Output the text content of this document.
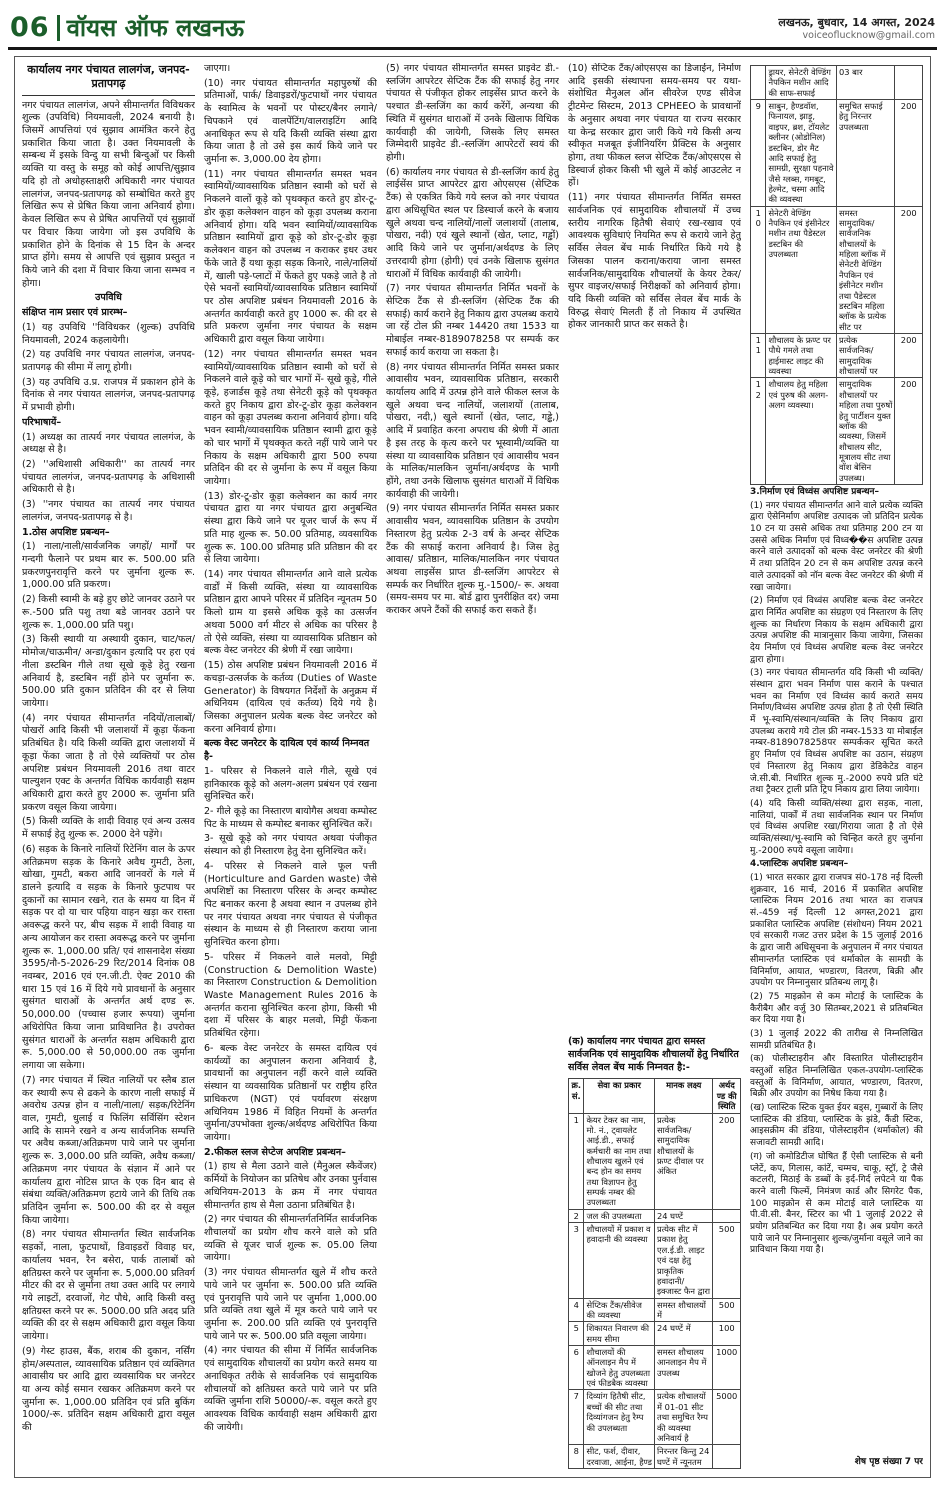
06 वॉयस ऑफ लखनऊ	लखनऊ, बुधवार, 14 अगस्त, 2024
voiceoflucknow@gmail.com

कार्यालय नगर पंचायत लालगंज, जनपद-प्रतापगढ़

नगर पंचायत लालगंज, अपने सीमान्तर्गत विविधकर शुल्क (उपविधि) नियमावली, 2024 बनायी है। जिसमें आपत्तियां एवं सुझाव आमंत्रित करने हेतु प्रकाशित किया जाता है। उक्त नियमावली के सम्बन्ध में इसके विन्दु या सभी बिन्दुओं पर किसी व्यक्ति या वस्तु के समूह को कोई आपत्ति/सुझाव यदि हो तो अधोहस्ताक्षरी अधिकारी नगर पंचायत लालगंज, जनपद-प्रतापगढ़ को सम्बोधित करते हुए लिखित रूप से प्रेषित किया जाना अनिवार्य होगा। केवल लिखित रूप से प्रेषित आपत्तियों एवं सुझावों पर विचार किया जायेगा जो इस उपविधि के प्रकाशित होने के दिनांक से 15 दिन के अन्दर प्राप्त होंगे। समय से आपत्ति एवं सुझाव प्रस्तुत न किये जाने की दशा में विचार किया जाना सम्भव न होगा।

उपविधि

संक्षिप्त नाम प्रसार एवं प्रारम्भ–

(1) यह उपविधि ''विविधकर (शुल्क) उपविधि नियमावली, 2024 कहलायेगी।

(2) यह उपविधि नगर पंचायत लालगंज, जनपद-प्रतापगढ़ की सीमा में लागू होगी।

(3) यह उपविधि उ.प्र. राजपत्र में प्रकाशन होने के दिनांक से नगर पंचायत लालगंज, जनपद-प्रतापगढ़ में प्रभावी होगी।

परिभाषायें–

(1) अध्यक्ष का तात्पर्य नगर पंचायत लालगंज, के अध्यक्ष से है।

(2) ''अधिशासी अधिकारी'' का तात्पर्य नगर पंचायत लालगंज, जनपद-प्रतापगढ़ के अधिशासी अधिकारी से है।

(3) ''नगर पंचायत का तात्पर्य नगर पंचायत लालगंज, जनपद-प्रतापगढ़ से है।

1.ठोस अपशिष्ट प्रबन्धन–

(1) नाला/नाली/सार्वजनिक जगहों/ मार्गों पर गन्दगी फैलाने पर प्रथम बार रू. 500.00 प्रति प्रकरणपुनरावृत्ति करने पर जुर्माना शुल्क रू. 1,000.00 प्रति प्रकरण।

(2) किसी स्वामी के बड़े हुए छोटे जानवर उठाने पर रू.-500 प्रति पशु तथा बडे जानवर उठाने पर शुल्क रू. 1,000.00 प्रति पशु।

(3) किसी स्थायी या अस्थायी दुकान, चाट/फल/मोमोज/चाऊमीन/ अन्डा/दुकान इत्यादि पर हरा एवं नीला डस्टबिन गीले तथा सूखे कूड़े हेतु रखना अनिवार्य है, डस्टबिन नहीं होने पर जुर्माना रू. 500.00 प्रति दुकान प्रतिदिन की दर से लिया जायेगा।

(4) नगर पंचायत सीमान्तर्गत नदियों/तालाबों/पोखरों आदि किसी भी जलाशयों में कूड़ा फेंकना प्रतिबंधित है। यदि किसी व्यक्ति द्वारा जलाशयों में कूड़ा फेंका जाता है तो ऐसे व्यक्तियों पर ठोस अपशिष्ट प्रबंधन नियमावली 2016 तथा वाटर पाल्युशन एक्ट के अन्तर्गत विधिक कार्यवाही सक्षम अधिकारी द्वारा करते हुए 2000 रू. जुर्माना प्रति प्रकरण वसूल किया जायेगा।

(5) किसी व्यक्ति के शादी विवाह एवं अन्य उत्सव में सफाई हेतु शुल्क रू. 2000 देने पड़ेंगे।

(6) सड़क के किनारे नालियों रिटेनिंग वाल के ऊपर अतिक्रमण सड़क के किनारे अवैध गुमटी, ठेला, खोखा, गुमटी, बकरा आदि जानवरों के गले में डालने इत्यादि व सड़क के किनारे फुटपाथ पर दुकानों का सामान रखने, रात के समय या दिन में सड़क पर दो या चार पहिया वाहन खड़ा कर रास्ता अवरूद्ध करने पर, बीच सड़क में शादी विवाह या अन्य आयोजन कर रास्ता अवरूद्ध करने पर जुर्माना शुल्क रू. 1,000.00 प्रति/ एवं शासनादेश संख्या 3595/नौ-5-2026-29 रिट/2014 दिनांक 08 नवम्बर, 2016 एवं एन.जी.टी. ऐक्ट 2010 की धारा 15 एवं 16 में दिये गये प्रावधानों के अनुसार सुसंगत धाराओं के अन्तर्गत अर्थ दण्ड रू. 50,000.00 (पच्चास हजार रूपया) जुर्माना अधिरोपित किया जाना प्राविधानित है। उपरोक्त सुसंगत धाराओं के अन्तर्गत सक्षम अधिकारी द्वारा रू. 5,000.00 से 50,000.00 तक जुर्माना लगाया जा सकेगा।

(7) नगर पंचायत में स्थित नालियों पर स्लैब डाल कर स्थायी रूप से ढकने के कारण नाली सफाई में अवरोध उत्पन्न होन व नाली/नाला/ सड़क/रिटेनिंग वाल, गुमटी, धुलाई व फिलिंग सर्विसिंग स्टेशन आदि के सामने रखने व अन्य सार्वजनिक सम्पत्ति पर अवैध कब्जा/अतिक्रमण पाये जाने पर जुर्माना शुल्क रू. 3,000.00 प्रति व्यक्ति, अवैध कब्जा/अतिक्रमण नगर पंचायत के संज्ञान में आने पर कार्यालय द्वारा नोटिस प्राप्त के एक दिन बाद से संबंधा व्यक्ति/अतिक्रमण हटाये जाने की तिथि तक प्रतिदिन जुर्माना रू. 500.00 की दर से वसूल किया जायेगा।

(8) नगर पंचायत सीमान्तर्गत स्थित सार्वजनिक सड़कों, नाला, फुटपाथों, डिवाइडरों विवाह घर, कार्यालय भवन, रैन बसेरा, पार्क तालाबों को क्षतिग्रस्त करने पर जुर्माना रू. 5,000.00 प्रतिवर्ग मीटर की दर से जुर्माना तथा उक्त आदि पर लगाये गये लाइटों, दरवाजों, गेट पौधे, आदि किसी वस्तु क्षतिग्रस्त करने पर रू. 5000.00 प्रति अदद प्रति व्यक्ति की दर से सक्षम अधिकारी द्वारा वसूल किया जायेगा।

(9) गेस्ट हाउस, बैंक, शराब की दुकान, नर्सिंग होम/अस्पताल, व्यावसायिक प्रतिष्ठान एवं व्यक्तिगत आवासीय घर आदि द्वारा व्यवसायिक घर जनरेटर या अन्य कोई समान रखकर अतिक्रमण करने पर जुर्माना रू. 1,000.00 प्रतिदिन एवं प्रति बुकिंग 1000/-रू. प्रतिदिन सक्षम अधिकारी द्वारा वसूल की

जाएगा।

(10) नगर पंचायत सीमान्तर्गत महापुरुषों की प्रतिमाओं, पार्क/ डिवाइडरों/फुटपाथों नगर पंचायत के स्वामित्व के भवनों पर पोस्टर/बैनर लगाने/चिपकाने एवं वालपेंटिंग/वालराइटिंग आदि अनाधिकृत रूप से यदि किसी व्यक्ति संस्था द्वारा किया जाता है तो उसे इस कार्य किये जाने पर जुर्माना रू. 3,000.00 देय होगा।

(11) नगर पंचायत सीमान्तर्गत समस्त भवन स्वामियों/व्यावसायिक प्रतिष्ठान स्वामी को घरों से निकलने वालों कूड़े को पृथक्कृत करते हुए डोर-टू-डोर कूड़ा कलेक्शन वाहन को कूड़ा उपलब्ध कराना अनिवार्य होगा। यदि भवन स्वामियों/व्यावसायिक प्रतिष्ठान स्वामियों द्वारा कूड़े को डोर-टू-डोर कूड़ा कलेक्शन वाहन को उपलब्ध न कराकर इधर उधर फेंके जाते हैं यथा कूड़ा सड़क किनारे, नाले/नालियों में, खाली पड़े-प्लाटों में फेंकते हुए पकड़े जाते है तो ऐसे भवनों स्वामियों/व्यावसायिक प्रतिष्ठान स्वामियों पर ठोस अपशिष्ट प्रबंधन नियमावली 2016 के अन्तर्गत कार्यवाही करते हुए 1000 रू. की दर से प्रति प्रकरण जुर्माना नगर पंचायत के सक्षम अधिकारी द्वारा वसूल किया जायेगा।

(12) नगर पंचायत सीमान्तर्गत समस्त भवन स्वामियों/व्यावसायिक प्रतिष्ठान स्वामी को घरों से निकलने वाले कूड़े को चार भागों में- सूखे कूड़े, गीले कूड़े, हजार्डस कूड़े तथा सेनेटरी कूड़े को पृथक्कृत करते हुए निकाय द्वारा डोर-टू-डोर कूड़ा कलेक्शन वाहन को कूड़ा उपलब्ध कराना अनिवार्य होगा। यदि भवन स्वामी/व्यावसायिक प्रतिष्ठान स्वामी द्वारा कूड़े को चार भागों में पृथक्कृत करते नहीं पाये जाने पर निकाय के सक्षम अधिकारी द्वारा 500 रुपया प्रतिदिन की दर से जुर्माना के रूप में वसूल किया जायेगा।

(13) डोर-टू-डोर कूड़ा कलेक्शन का कार्य नगर पंचायत द्वारा या नगर पंचायत द्वारा अनुबन्धित संस्था द्वारा किये जाने पर यूजर चार्ज के रूप में प्रति माह शुल्क रू. 50.00 प्रतिमाह, व्यवसायिक शुल्क रू. 100.00 प्रतिमाह प्रति प्रतिष्ठान की दर से लिया जायेगा।

(14) नगर पंचायत सीमान्तर्गत आने वाले प्रत्येक वार्डों में किसी व्यक्ति, संस्था या व्यावसायिक प्रतिष्ठान द्वारा आपने परिसर में प्रतिदिन न्यूनतम 50 किलो ग्राम या इससे अधिक कूड़े का उत्सर्जन अथवा 5000 वर्ग मीटर से अधिक का परिसर है तो ऐसे व्यक्ति, संस्था या व्यावसायिक प्रतिष्ठान को बल्क वेस्ट जनरेटर की श्रेणी में रखा जायेगा।

(15) ठोस अपशिष्ट प्रबंधन नियमावली 2016 में कचड़ा-उत्सर्जक के कर्तव्य (Duties of Waste Generator) के विषयगत निर्देशों के अनुक्रम में अधिनियम (दायित्व एवं कर्तव्य) दिये गये है। जिसका अनुपालन प्रत्येक बल्क वेस्ट जनरेटर को करना अनिवार्य होगा।

बल्क वेस्ट जनरेटर के दायित्व एवं कार्य्य निम्नवत है-

1- परिसर से निकलने वाले गीले, सूखे एवं हानिकारक कूड़े को अलग-अलग प्रबंधन एवं रखना सुनिश्चित करें।

2- गीले कूड़े का निस्तारण बायोगैस अथवा कम्पोस्ट पिट के माध्यम से कम्पोस्ट बनाकर सुनिश्चित करें।

3- सूखे कूड़े को नगर पंचायत अथवा पंजीकृत संस्थान को ही निस्तारण हेतु देना सुनिश्चित करें।

4- परिसर से निकलने वाले फूल पत्ती (Horticulture and Garden waste) जैसे अपशिष्टों का निस्तारण परिसर के अन्दर कम्पोस्ट पिट बनाकर करना है अथवा स्थान न उपलब्ध होने पर नगर पंचायत अथवा नगर पंचायत से पंजीकृत संस्थान के माध्यम से ही निस्तारण कराया जाना सुनिश्चित करना होगा।

5- परिसर में निकलने वाले मलवो, मिट्टी (Construction & Demolition Waste) का निस्तारण Construction & Demolition Waste Management Rules 2016 के अन्तर्गत कराना सुनिश्चित करना होगा, किसी भी दशा में परिसर के बाहर मलवो, मिट्टी फेंकना प्रतिबंधित रहेगा।

6- बल्क वेस्ट जनरेटर के समस्त दायित्व एवं कार्यव्यों का अनुपालन कराना अनिवार्य है, प्रावधानों का अनुपालन नहीं करने वाले व्यक्ति संस्थान या व्यवसायिक प्रतिष्ठानों पर राष्ट्रीय हरित प्राधिकरण (NGT) एवं पर्यावरण संरक्षण अधिनियम 1986 में विहित नियमों के अन्तर्गत जुर्माना/उपभोक्ता शुल्क/अर्थदण्ड अधिरोपित किया जायेगा।

2.फीकल स्लज सेप्टेज अपशिष्ट प्रबन्धन–

(1) हाथ से मैला उठाने वाले (मैनुअल स्कैवेंजर) कर्मियों के नियोजन का प्रतिषेध और उनका पुर्नवास अधिनियम-2013 के क्रम में नगर पंचायत सीमान्तर्गत हाथ से मैला उठाना प्रतिबंधित है।

(2) नगर पंचायत की सीमान्तर्गतनिर्मित सार्वजनिक शौचालयों का प्रयोग शौच करने वाले को प्रति व्यक्ति से यूजर चार्ज शुल्क रू. 05.00 लिया जायेगा।

(3) नगर पंचायत सीमान्तर्गत खुले में शौच करते पाये जाने पर जुर्माना रू. 500.00 प्रति व्यक्ति एवं पुनरावृत्ति पाये जाने पर जुर्माना 1,000.00 प्रति व्यक्ति तथा खुले में मूत्र करते पाये जाने पर जुर्माना रू. 200.00 प्रति व्यक्ति एवं पुनरावृत्ति पाये जाने पर रू. 500.00 प्रति वसूला जायेगा।

(4) नगर पंचायत की सीमा में निर्मित सार्वजनिक एवं सामुदायिक शौचालयों का प्रयोग करते समय या अनाधिकृत तरीके से सार्वजनिक एवं सामुदायिक शौचालयों को क्षतिग्रस्त करते पाये जाने पर प्रति व्यक्ति जुर्माना राशि 50000/-रू. वसूल करते हुए आवश्यक विधिक कार्यवाही सक्षम अधिकारी द्वारा की जायेगी।

(5) नगर पंचायत सीमान्तर्गत समस्त प्राइवेट डी.-स्लजिंग आपरेटर सेप्टिक टैंक की सफाई हेतु नगर पंचायत से पंजीकृत होकर लाइसेंस प्राप्त करने के पश्चात डी-स्लजिंग का कार्य करेंगें, अन्यथा की स्थिति में सुसंगत धाराओं में उनके खिलाफ विधिक कार्यवाही की जायेगी, जिसके लिए समस्त जिम्मेदारी प्राइवेट डी.-स्लजिंग आपरेटरों स्वयं की होगी।

(6) कार्यालय नगर पंचायत से डी-स्लजिंग कार्य हेतु लाईसेंस प्राप्त आपरेटर द्वारा ओएसएस (सेप्टिक टैंक) से एकत्रित किये गये स्लज को नगर पंचायत द्वारा अधिसूचित स्थल पर डिस्चार्ज करने के बजाय खुले अथवा चन्द नालियों/नालों जलाशयों (तालाब, पोखरा, नदी) एवं खुले स्थानों (खेत, प्लाट, गड्ढों) आदि किये जाने पर जुर्माना/अर्थदण्ड के लिए उत्तरदायी होगा (होगी) एवं उनके खिलाफ सुसंगत धाराओं में विधिक कार्यवाही की जायेगी।

(7) नगर पंचायत सीमान्तर्गत निर्मित भवनों के सेप्टिक टैंक से डी-स्लजिंग (सेप्टिक टैंक की सफाई) कार्य कराने हेतु निकाय द्वारा उपलब्ध कराये जा रहें टोल फ्री नम्बर 14420 तथा 1533 या मोबाईल नम्बर-8189078258 पर सम्पर्क कर सफाई कार्य कराया जा सकता है।

(8) नगर पंचायत सीमान्तर्गत निर्मित समस्त प्रकार आवासीय भवन, व्यावसायिक प्रतिष्ठान, सरकारी कार्यालय आदि में उत्पन्न होने वाले फीकल स्लज के खुले अथवा चन्द नालियों, जलाशयों (तालाब, पोखरा, नदी,) खुले स्थानों (खेत, प्लाट, गड्ढे,) आदि में प्रवाहित करना अपराध की श्रेणी में आता है इस तरह के कृत्य करने पर भूस्वामी/व्यक्ति या संस्था या व्यावसायिक प्रतिष्ठान एवं आवासीय भवन के मालिक/मालकिन जुर्माना/अर्थदण्ड के भागी होंगे, तथा उनके खिलाफ सुसंगत धाराओं में विधिक कार्यवाही की जायेगी।

(9) नगर पंचायत सीमान्तर्गत निर्मित समस्त प्रकार आवासीय भवन, व्यावसायिक प्रतिष्ठान के उपयोग निस्तारण हेतु प्रत्येक 2-3 वर्ष के अन्दर सेप्टिक टैंक की सफाई कराना अनिवार्य है। जिस हेतु आवास/ प्रतिष्ठान, मालिक/मालकिन नगर पंचायत अथवा लाइसेंस प्राप्त डी-स्लजिंग आपरेटर से सम्पर्क कर निर्धारित शुल्क मु.-1500/- रू. अथवा (समय-समय पर मा. बोर्ड द्वारा पुनरीक्षित दर) जमा कराकर अपने टैंकों की सफाई करा सकते हैं।

(10) सेप्टिक टैंक/ओएसएस का डिजाईन, निर्माण आदि इसकी संस्थापना समय-समय पर यथा-संशोधित मैनुअल ऑन सीवरेज एण्ड सीवेज ट्रीटमेन्ट सिस्टम, 2013 CPHEEO के प्रावधानों के अनुसार अथवा नगर पंचायत या राज्य सरकार या केन्द्र सरकार द्वारा जारी किये गये किसी अन्य स्वीकृत मजबूत इंजीनियरिंग प्रैक्टिस के अनुसार होगा, तथा फीकल स्लज सेप्टिक टैंक/ओएसएस से डिस्चार्ज होकर किसी भी खुले में कोई आउटलेट न हों।

(11) नगर पंचायत सीमान्तर्गत निर्मित समस्त सार्वजनिक एवं सामुदायिक शौचालयों में उच्च स्तरीय नागरिक हितैषी सेवाएं रख-रखाव एवं आवश्यक सुविधाएं नियमित रूप से कराये जाने हेतु सर्विस लेवल बेंच मार्क निर्धारित किये गये है जिसका पालन कराना/कराया जाना समस्त सार्वजनिक/सामुदायिक शौचालयों के केयर टेकर/सुपर वाइजर/सफाई निरीक्षकों को अनिवार्य होगा। यदि किसी व्यक्ति को सर्विस लेवल बेंच मार्क के विरुद्ध सेवाएं मिलती हैं तो निकाय में उपस्थित होकर जानकारी प्राप्त कर सकते है।

(क) कार्यालय नगर पंचायत द्वारा समस्त सार्वजनिक एवं सामुदायिक शौचालयों हेतु निर्धारित सर्विस लेवल बेंच मार्क निम्नवत है:-

क्र. सं.	सेवा का प्रकार	मानक लक्ष्य	अर्थदण्ड की स्थिति
1	केयर टेकर का नाम, मो. नं., ट्वायलेट आई.डी., सफाई कर्मचारी का नाम तथा शौचालय खुलने एवं बन्द होन का समय तथा विज्ञापन हेतु सम्पर्क नम्बर की उपलब्धता	प्रत्येक सार्वजनिक/ सामुदायिक शौचालयों के फ्रण्ट दीवाल पर अंकित	200
2	जल की उपलब्धता	24 घण्टें	
3	शौचालयों में प्रकाश व हवादानी की व्यवस्था	प्रत्येक सीट में प्रकाश हेतु एल.ई.डी. लाइट एवं दक्ष हेतु प्राकृतिक हवादानी/ इक्जास्ट फैन द्वारा	500
4	सेप्टिक टैंक/सीवेज की व्यवस्था	समस्त शौचालयों में	500
5	शिकायत निवारण की समय सीमा	24 घण्टें में	100
6	शौचालयों की ऑनलाइन मैप में खोजने हेतु उपलब्धता एवं फीडबैक व्यवस्था	समस्त शौचालय आनलाइन मैप में उपलब्ध	1000
7	दिव्यांग हितैषी सीट, बच्चों की सीट तथा दिव्यांगजन हेतु रैम्प की उपलब्धता	प्रत्येक शौचालयों में 01-01 सीट तथा समुचित रैम्प की व्यवस्था अनिवार्य है	5000
8	सीट, फर्श, दीवार, दरवाजा, आईना, हैण्ड	निरन्तर किन्तु 24 घण्टें में न्यूनतम	
	ड्रायर, सेनेटरी वेण्डिंग नैपकिन मशीन आदि की साफ-सफाई	03 बार	
9	साबुन, हैण्डवॉश, फिनायल, झाड़ू, वाइपर, ब्रश, टॉयलेट क्लीनर (ओडोनिल) डस्टबिन, डोर मैट आदि सफाई हेतु सामग्री, सुरक्षा पहनावे जैसे ग्लब्स, गमबूट, हेल्मेट, चस्मा आदि की व्यवस्था	समुचित सफाई हेतु निरन्तर उपलब्धता	200
10	सेनेटरी वेण्डिंग नैपकिन एवं इंसीनेटर मशीन तथा पैडेस्टल डस्टबिन की उपलब्धता	समस्त सामुदायिक/ सार्वजनिक शौचालयों के महिला ब्लॉक में सेनेटरी वेण्डिंग नैपकिन एवं इंसीनेटर मशीन तथा पैडेस्टल डस्टबिन महिला ब्लॉक के प्रत्येक सीट पर	200
11	शौचालय के फ्रण्ट पर पौधे गमले तथा हाईमास्ट लाइट की व्यवस्था	प्रत्येक सार्वजनिक/ सामुदायिक शौचालयों पर	200
12	शौचालय हेतु महिला एवं पुरुष की अलग-अलग व्यवस्था।	सामुदायिक शौचालयों पर महिला तथा पुरुषों हेतु पार्टीशन युक्त ब्लॉक की व्यवस्था, जिसमें शौचालय सीट, मूत्रालय सीट तथा वॉश बेसिन उपलब्ध।	200

3.निर्माण एवं विध्वंस अपशिष्ट प्रबन्धन–

(1) नगर पंचायत सीमान्तर्गत आने वाले प्रत्येक व्यक्ति द्वारा ऐसेनिर्माण अपशिष्ट उत्पादक जो प्रतिदिन प्रत्येक 10 टन या उससे अधिक तथा प्रतिमाह 200 टन या उससे अधिक निर्माण एवं विध्व��स अपशिष्ट उत्पन्न करने वाले उत्पादकों को बल्क वेस्ट जनरेटर की श्रेणी में तथा प्रतिदिन 20 टन से कम अपशिष्ट उत्पन्न करने वाले उत्पादकों को नॉन बल्क वेस्ट जनरेटर की श्रेणी में रखा जायेगा।

(2) निर्माण एवं विध्वंस अपशिष्ट बल्क वेस्ट जनरेटर द्वारा निर्मित अपशिष्ट का संग्रहण एवं निस्तारण के लिए शुल्क का निर्धारण निकाय के सक्षम अधिकारी द्वारा उत्पन्न अपशिष्ट की मात्रानुसार किया जायेगा, जिसका देय निर्माण एवं विध्वंस अपशिष्ट बल्क वेस्ट जनरेटर द्वारा होगा।

(3) नगर पंचायत सीमान्तर्गत यदि किसी भी व्यक्ति/संस्थान द्वारा भवन निर्माण पास कराने के पश्चात भवन का निर्माण एवं विध्वंस कार्य कराते समय निर्माण/विध्वंस अपशिष्ट उत्पन्न होता है तो ऐसी स्थिति में भू-स्वामि/संस्थान/व्यक्ति के लिए निकाय द्वारा उपलब्ध कराये गये टोल फ्री नम्बर-1533 या मोबाईल नम्बर-8189078258पर सम्पर्ककर सूचित करते हुए निर्माण एवं विध्वंस अपशिष्ट का उठान, संग्रहण एवं निस्तारण हेतु निकाय द्वारा डेडिकेटेड वाहन जे.सी.बी. निर्धारित शुल्क मु.-2000 रुपये प्रति घंटे तथा ट्रैक्टर ट्राली प्रति ट्रिप निकाय द्वारा लिया जायेगा।

(4) यदि किसी व्यक्ति/संस्था द्वारा सड़क, नाला, नालियां, पार्कों में तथा सार्वजनिक स्थान पर निर्माण एवं विध्वंस अपशिष्ट रखा/गिराया जाता है तो ऐसे व्यक्ति/संस्था/भू-स्वामि को चिन्हित करते हुए जुर्माना मु.-2000 रुपये वसूला जायेगा।

4.प्लास्टिक अपशिष्ट प्रबन्धन–

(1) भारत सरकार द्वारा राजपत्र सं0-178 नई दिल्ली शुक्रवार, 16 मार्च, 2016 में प्रकाशित अपशिष्ट प्लास्टिक नियम 2016 तथा भारत का राजपत्र सं.-459 नई दिल्ली 12 अगस्त,2021 द्वारा प्रकाशित प्लास्टिक अपशिष्ट (संशोधन) नियम 2021 एवं सरकारी गजट उत्तर प्रदेश के 15 जुलाई 2016 के द्वारा जारी अधिसूचना के अनुपालन में नगर पंचायत सीमान्तर्गत प्लास्टिक एवं थर्माकोल के सामग्री के विनिर्माण, आयात, भण्डारण, वितरण, बिक्री और उपयोग पर निम्नानुसार प्रतिबन्ध लागू है।

(2) 75 माइक्रोन से कम मोटाई के प्लास्टिक के कैरीबैग और वर्जु 30 सितम्बर,2021 से प्रतिबन्धित कर दिया गया है।

(3) 1 जुलाई 2022 की तारीख से निम्नलिखित सामग्री प्रतिबंधित है।

(क) पोलीस्टाइरीन और विस्तारित पोलीस्टाइरीन वस्तुओं सहित निम्नलिखित एकल-उपयोग-प्लास्टिक वस्तुओं के विनिर्माण, आयात, भण्डारण, वितरण, बिक्री और उपयोग का निषेध किया गया है।

(ख) प्लास्टिक स्टिक युक्त ईयर बड्स, गुब्बारों के लिए प्लास्टिक की डंडिया, प्लास्टिक के झंडे, कैंडी स्टिक, आइसक्रीम की डंडिया, पोलेस्टाइरीन (थर्माकोल) की सजावटी सामग्री आदि।

(ग) जो कमोडिटीज घोषित हैं ऐसी प्लास्टिक से बनी प्लेटें, कप, गिलास, कांटें, चम्मच, चाकू, स्ट्रॉ, ट्रे जैसे कटलरी, मिठाई के डब्बों के इर्द-गिर्द लपेटने या पैक करने वाली फिल्में, निमंत्रण कार्ड और सिगरेट पैक, 100 माइक्रोन से कम मोटाई वाले प्लास्टिक या पी.वी.सी. बैनर, स्टिरर का भी 1 जुलाई 2022 से प्रयोग प्रतिबन्धित कर दिया गया है। अब प्रयोग करते पाये जाने पर निम्नानुसार शुल्क/जुर्माना वसूले जाने का प्राविधान किया गया है।

शेष पृष्ठ संख्या 7 पर
